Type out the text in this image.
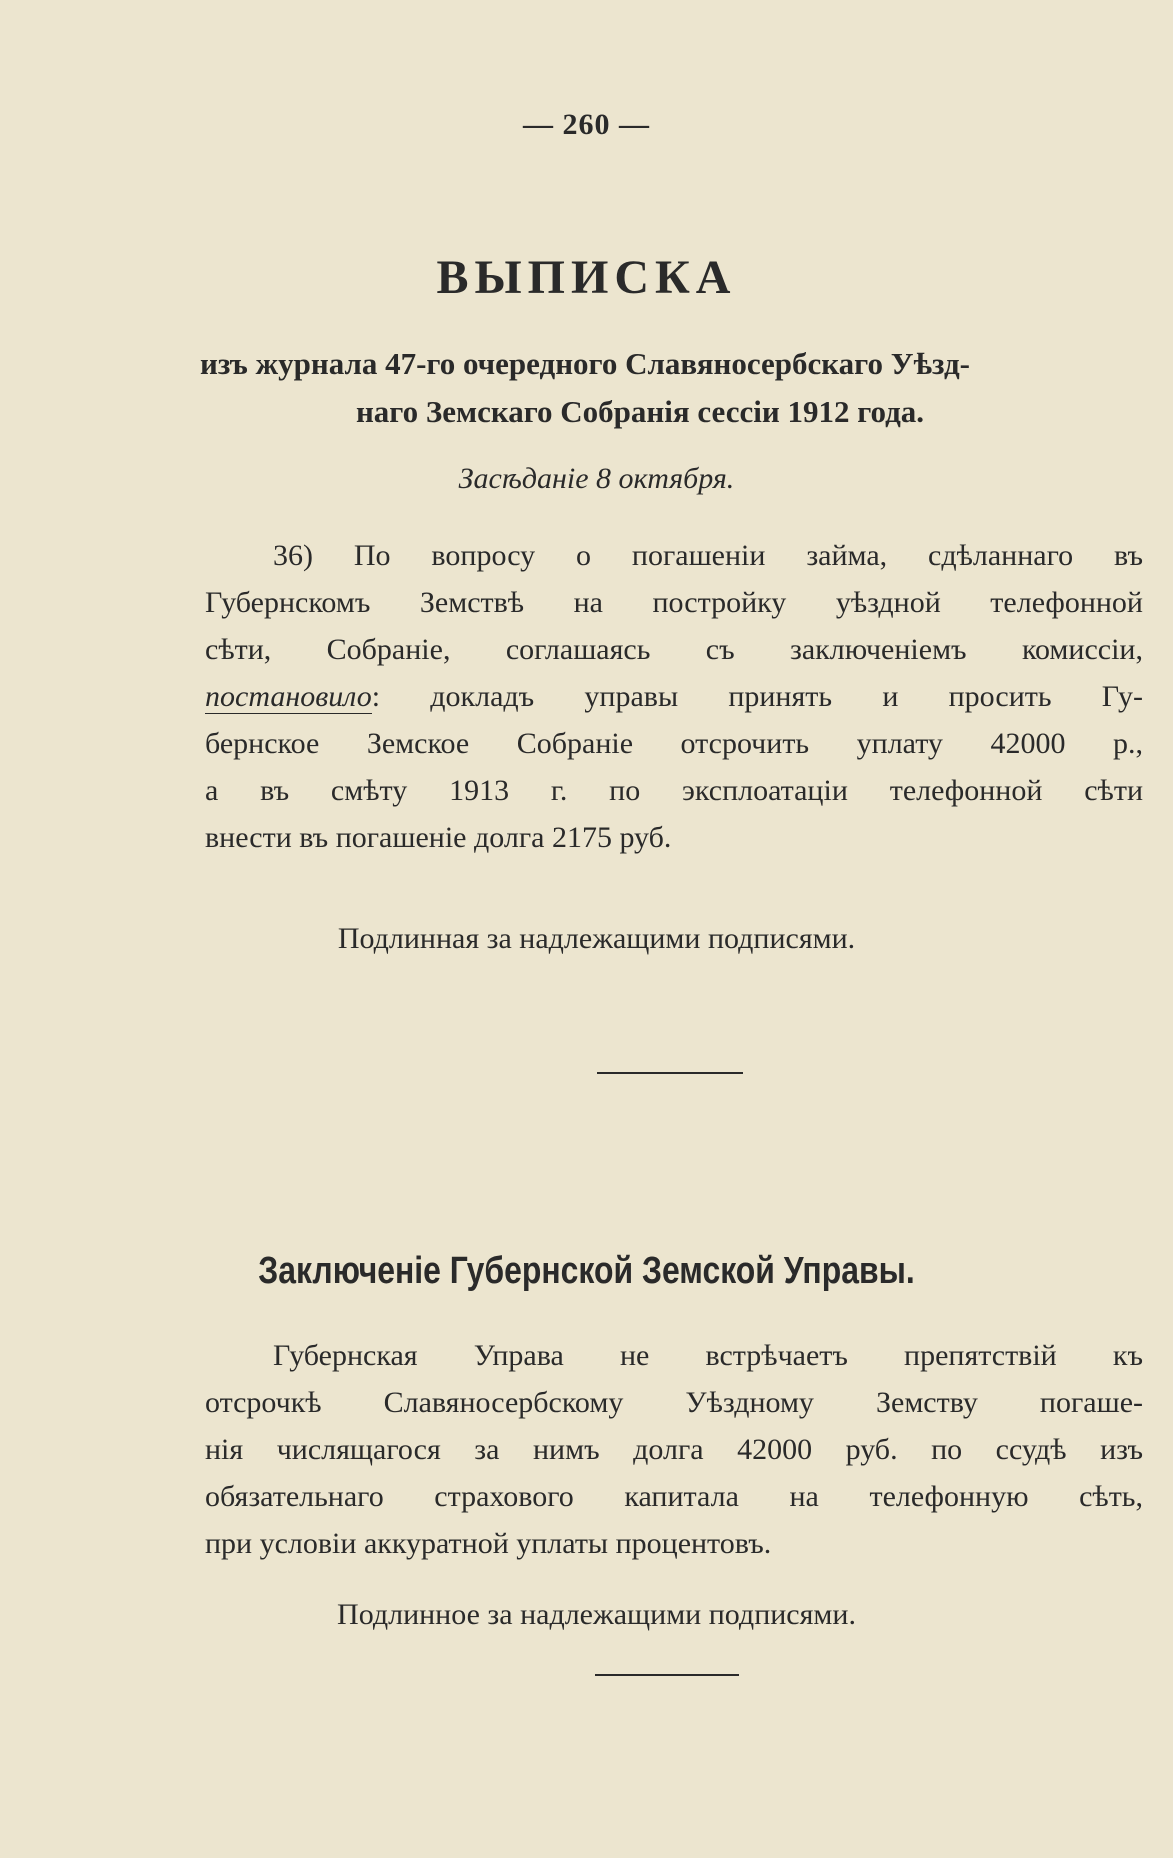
— 260 —
ВЫПИСКА
изъ журнала 47-го очередного Славяносербскаго Уѣзд-
наго Земскаго Собранія сессіи 1912 года.
Засѣданіе 8 октября.
36) По вопросу о погашеніи займа, сдѣланнаго въ
Губернскомъ Земствѣ на постройку уѣздной телефонной
сѣти, Собраніе, соглашаясь съ заключеніемъ комиссіи,
постановило: докладъ управы принять и просить Гу-
бернское Земское Собраніе отсрочить уплату 42000 р.,
а въ смѣту 1913 г. по эксплоатаціи телефонной сѣти
внести въ погашеніе долга 2175 руб.
Подлинная за надлежащими подписями.
Заключеніе Губернской Земской Управы.
Губернская Управа не встрѣчаетъ препятствій къ
отсрочкѣ Славяносербскому Уѣздному Земству погаше-
нія числящагося за нимъ долга 42000 руб. по ссудѣ изъ
обязательнаго страхового капитала на телефонную сѣть,
при условіи аккуратной уплаты процентовъ.
Подлинное за надлежащими подписями.
